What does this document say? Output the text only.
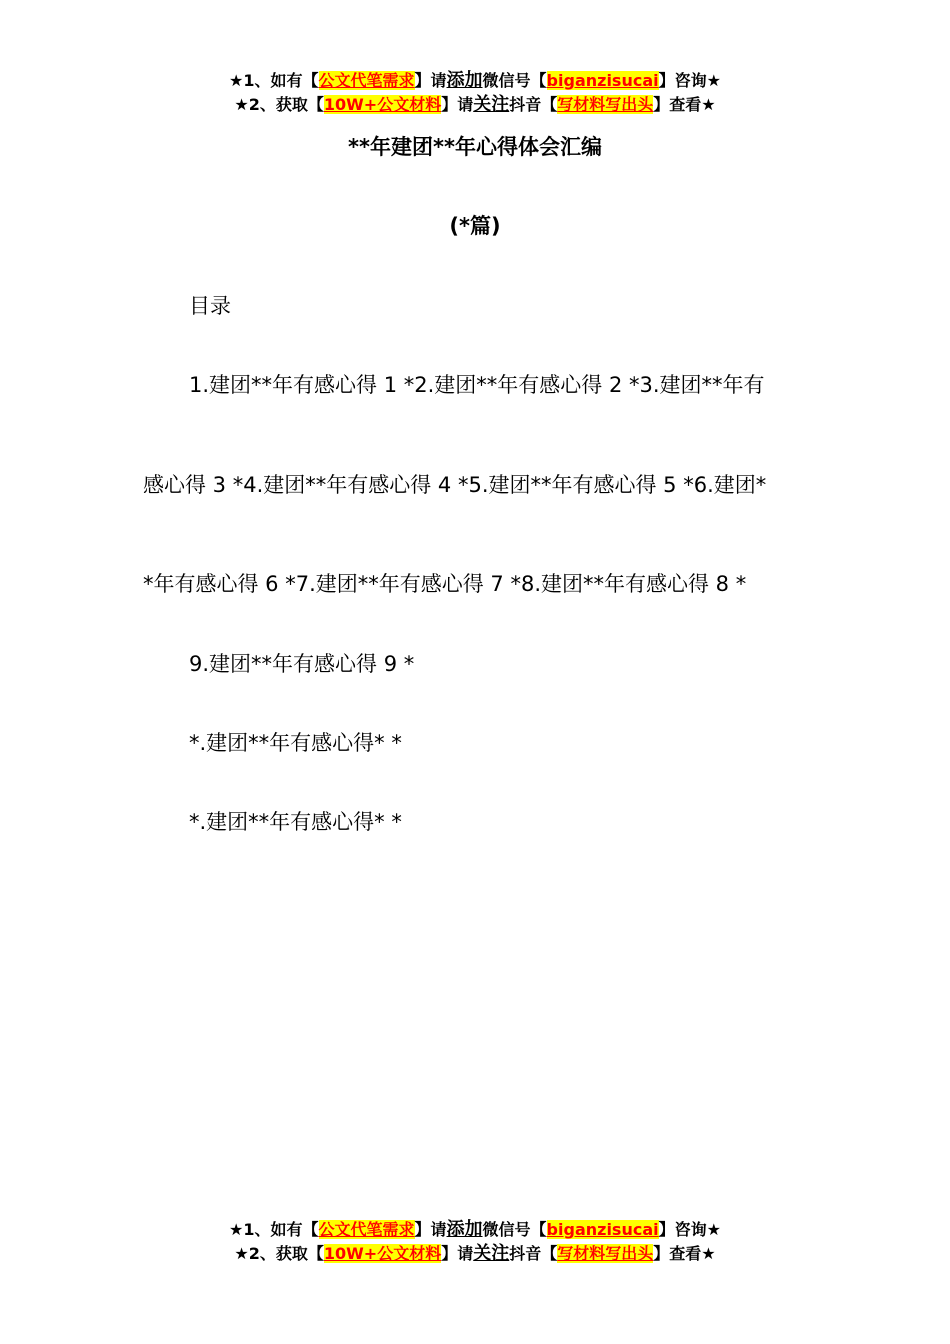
★1、如有【公文代笔需求】请添加微信号【biganzisucai】咨询★
★2、获取【10W+公文材料】请关注抖音【写材料写出头】查看★
**年建团**年心得体会汇编
(*篇)
目录
1.建团**年有感心得 1 *2.建团**年有感心得 2 *3.建团**年有
感心得 3 *4.建团**年有感心得 4 *5.建团**年有感心得 5 *6.建团*
*年有感心得 6 *7.建团**年有感心得 7 *8.建团**年有感心得 8 *
9.建团**年有感心得 9 *
*.建团**年有感心得* *
*.建团**年有感心得* *
★1、如有【公文代笔需求】请添加微信号【biganzisucai】咨询★
★2、获取【10W+公文材料】请关注抖音【写材料写出头】查看★
